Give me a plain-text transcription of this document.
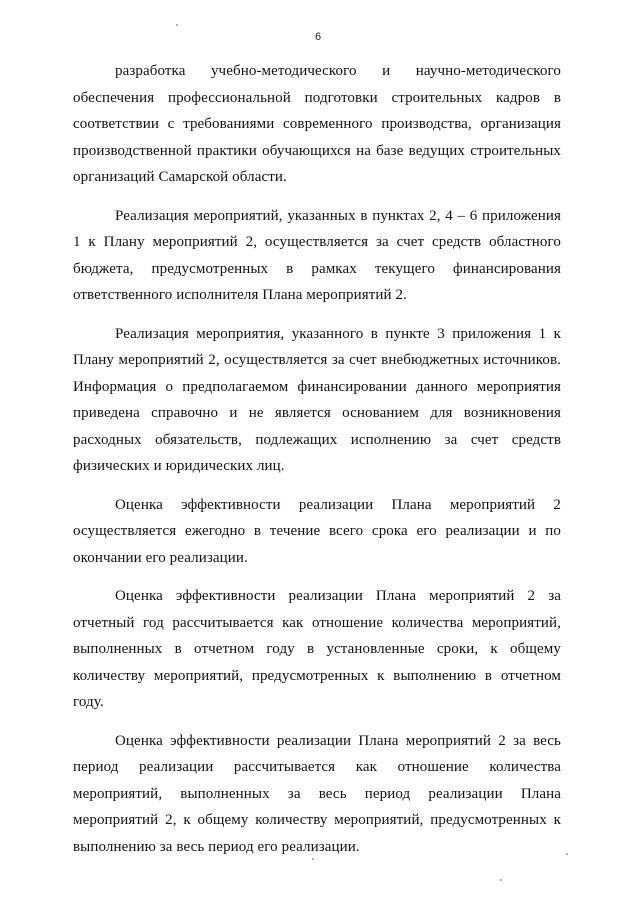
6

разработка учебно-методического и научно-методического обеспечения профессиональной подготовки строительных кадров в соответствии с требованиями современного производства, организация производственной практики обучающихся на базе ведущих строительных организаций Самарской области.

Реализация мероприятий, указанных в пунктах 2, 4 – 6 приложения 1 к Плану мероприятий 2, осуществляется за счет средств областного бюджета, предусмотренных в рамках текущего финансирования ответственного исполнителя Плана мероприятий 2.

Реализация мероприятия, указанного в пункте 3 приложения 1 к Плану мероприятий 2, осуществляется за счет внебюджетных источников. Информация о предполагаемом финансировании данного мероприятия приведена справочно и не является основанием для возникновения расходных обязательств, подлежащих исполнению за счет средств физических и юридических лиц.

Оценка эффективности реализации Плана мероприятий 2 осуществляется ежегодно в течение всего срока его реализации и по окончании его реализации.

Оценка эффективности реализации Плана мероприятий 2 за отчетный год рассчитывается как отношение количества мероприятий, выполненных в отчетном году в установленные сроки, к общему количеству мероприятий, предусмотренных к выполнению в отчетном году.

Оценка эффективности реализации Плана мероприятий 2 за весь период реализации рассчитывается как отношение количества мероприятий, выполненных за весь период реализации Плана мероприятий 2, к общему количеству мероприятий, предусмотренных к выполнению за весь период его реализации.
